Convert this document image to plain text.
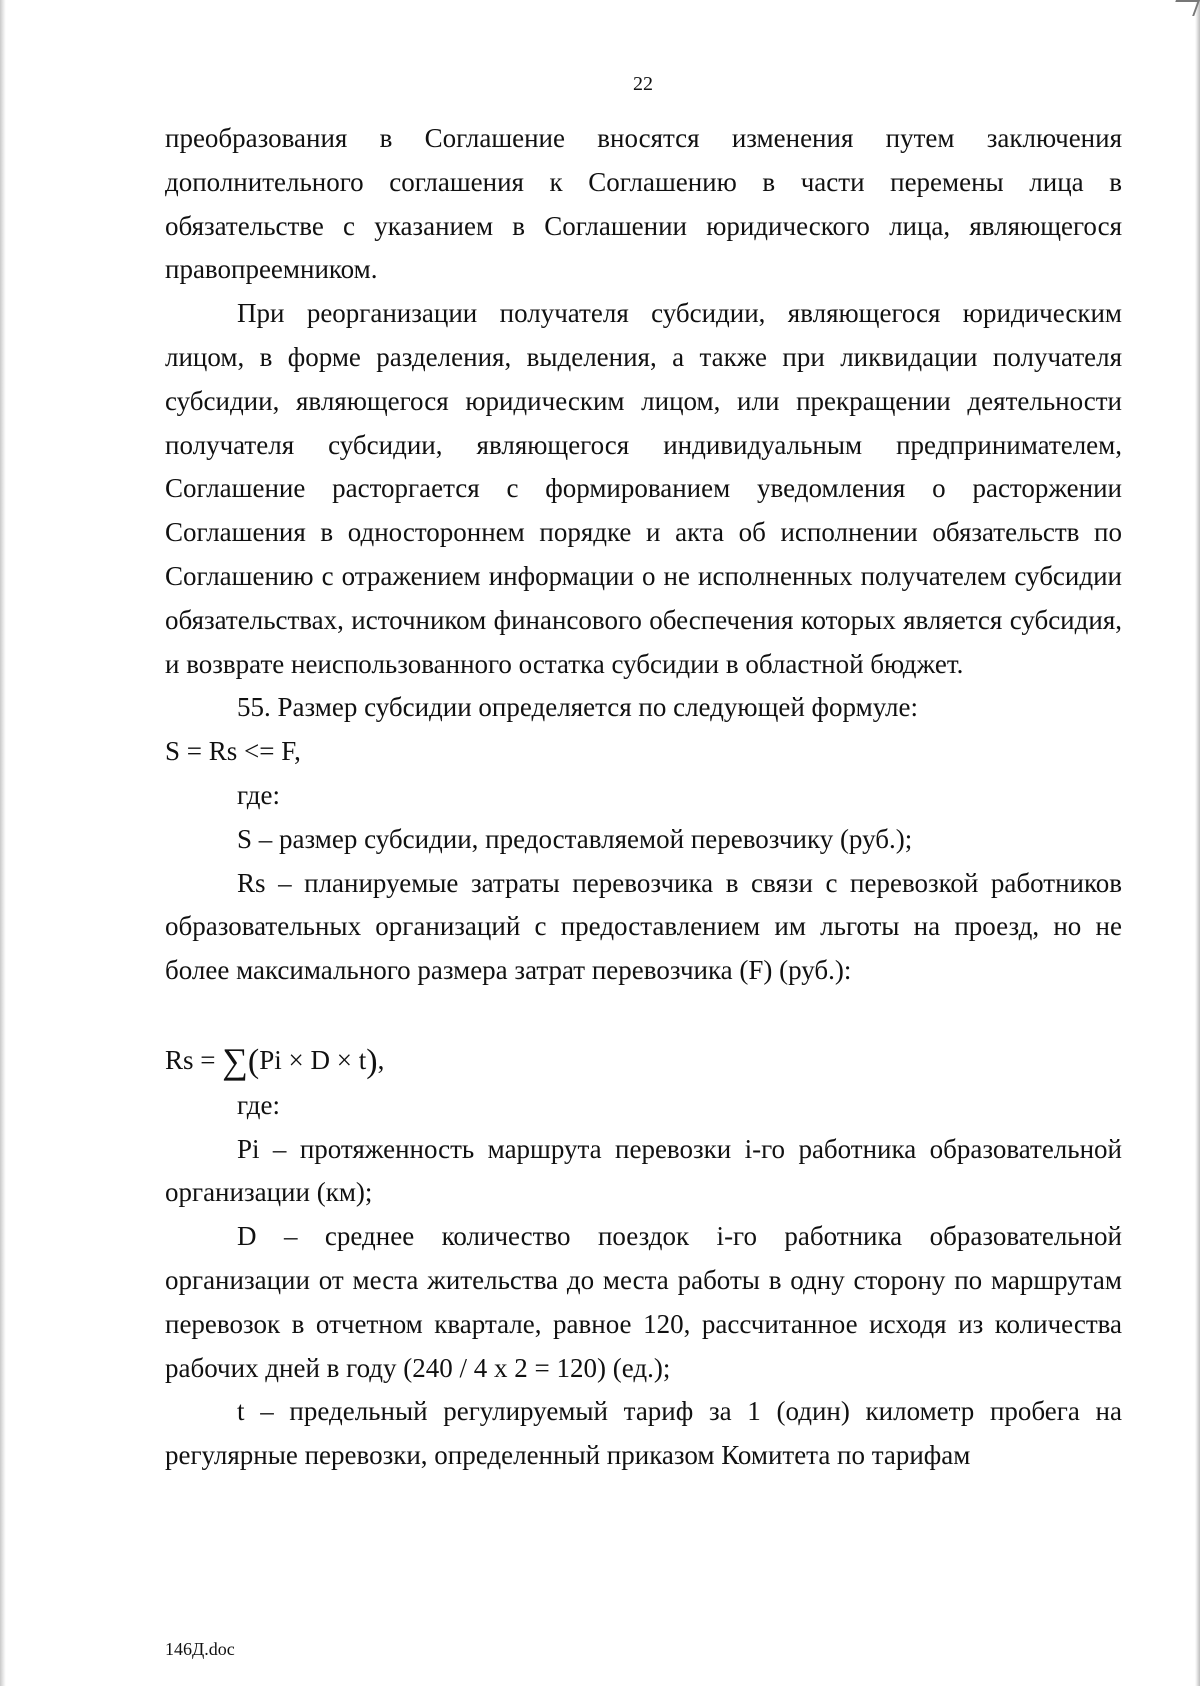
22

преобразования в Соглашение вносятся изменения путем заключения дополнительного соглашения к Соглашению в части перемены лица в обязательстве с указанием в Соглашении юридического лица, являющегося правопреемником.

При реорганизации получателя субсидии, являющегося юридическим лицом, в форме разделения, выделения, а также при ликвидации получателя субсидии, являющегося юридическим лицом, или прекращении деятельности получателя субсидии, являющегося индивидуальным предпринимателем, Соглашение расторгается с формированием уведомления о расторжении Соглашения в одностороннем порядке и акта об исполнении обязательств по Соглашению с отражением информации о не исполненных получателем субсидии обязательствах, источником финансового обеспечения которых является субсидия, и возврате неиспользованного остатка субсидии в областной бюджет.

55. Размер субсидии определяется по следующей формуле:

S = Rs <= F,

где:

S – размер субсидии, предоставляемой перевозчику (руб.);

Rs – планируемые затраты перевозчика в связи с перевозкой работников образовательных организаций с предоставлением им льготы на проезд, но не более максимального размера затрат перевозчика (F) (руб.):

Rs = ∑(Pi × D × t),

где:

Pi – протяженность маршрута перевозки i-го работника образовательной организации (км);

D – среднее количество поездок i-го работника образовательной организации от места жительства до места работы в одну сторону по маршрутам перевозок в отчетном квартале, равное 120, рассчитанное исходя из количества рабочих дней в году (240 / 4 x 2 = 120) (ед.);

t – предельный регулируемый тариф за 1 (один) километр пробега на регулярные перевозки, определенный приказом Комитета по тарифам

146Д.doc
